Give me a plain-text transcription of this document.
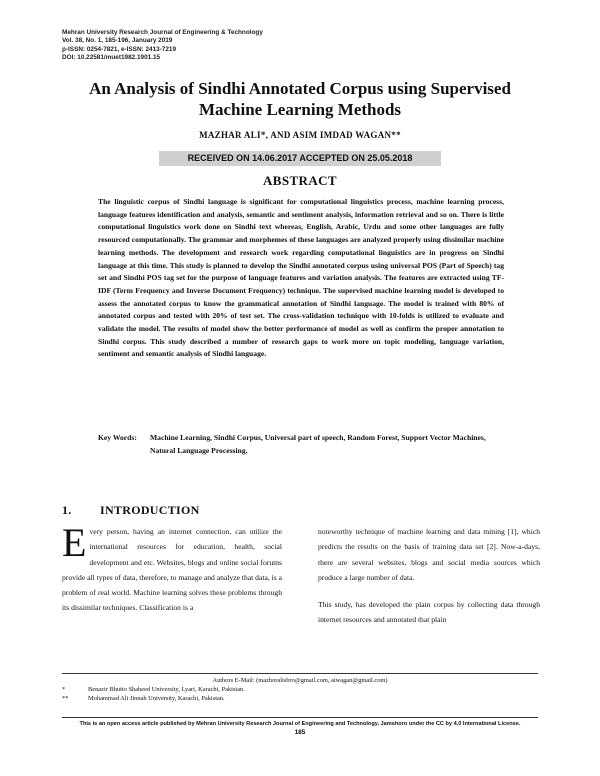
Mehran University Research Journal of Engineering & Technology
Vol. 38, No. 1, 185-196, January 2019
p-ISSN: 0254-7821, e-ISSN: 2413-7219
DOI: 10.22581/muet1982.1901.15
An Analysis of Sindhi Annotated Corpus using Supervised
Machine Learning Methods
MAZHAR ALI*, AND ASIM IMDAD WAGAN**
RECEIVED ON 14.06.2017 ACCEPTED ON 25.05.2018
ABSTRACT
The linguistic corpus of Sindhi language is significant for computational linguistics process, machine learning process, language features identification and analysis, semantic and sentiment analysis, information retrieval and so on. There is little computational linguistics work done on Sindhi text whereas, English, Arabic, Urdu and some other languages are fully resourced computationally. The grammar and morphemes of these languages are analyzed properly using dissimilar machine learning methods. The development and research work regarding computational linguistics are in progress on Sindhi language at this time. This study is planned to develop the Sindhi annotated corpus using universal POS (Part of Speech) tag set and Sindhi POS tag set for the purpose of language features and variation analysis. The features are extracted using TF-IDF (Term Frequency and Inverse Document Frequency) technique. The supervised machine learning model is developed to assess the annotated corpus to know the grammatical annotation of Sindhi language. The model is trained with 80% of annotated corpus and tested with 20% of test set. The cross-validation technique with 10-folds is utilized to evaluate and validate the model. The results of model show the better performance of model as well as confirm the proper annotation to Sindhi corpus. This study described a number of research gaps to work more on topic modeling, language variation, sentiment and semantic analysis of Sindhi language.
Key Words: Machine Learning, Sindhi Corpus, Universal part of speech, Random Forest, Support Vector Machines, Natural Language Processing.
1. INTRODUCTION
Every person, having an internet connection, can utilize the international resources for education, health, social development and etc. Websites, blogs and online social forums provide all types of data, therefore, to manage and analyze that data, is a problem of real world. Machine learning solves these problems through its dissimilar techniques. Classification is a
noteworthy technique of machine learning and data mining [1], which predicts the results on the basis of training data set [2]. Now-a-days, there are several websites, blogs and social media sources which produce a large number of data.
This study, has developed the plain corpus by collecting data through internet resources and annotated that plain
Authors E-Mail: (mazhoralisbro@gmail.com, aiwagan@gmail.com)
*	Benazir Bhutto Shaheed University, Lyari, Karachi, Pakistan.
**	Mohammad Ali Jinnah University, Karachi, Pakistan.
This is an open access article published by Mehran University Research Journal of Engineering and Technology, Jamshoro under the CC by 4.0 International License.
185
